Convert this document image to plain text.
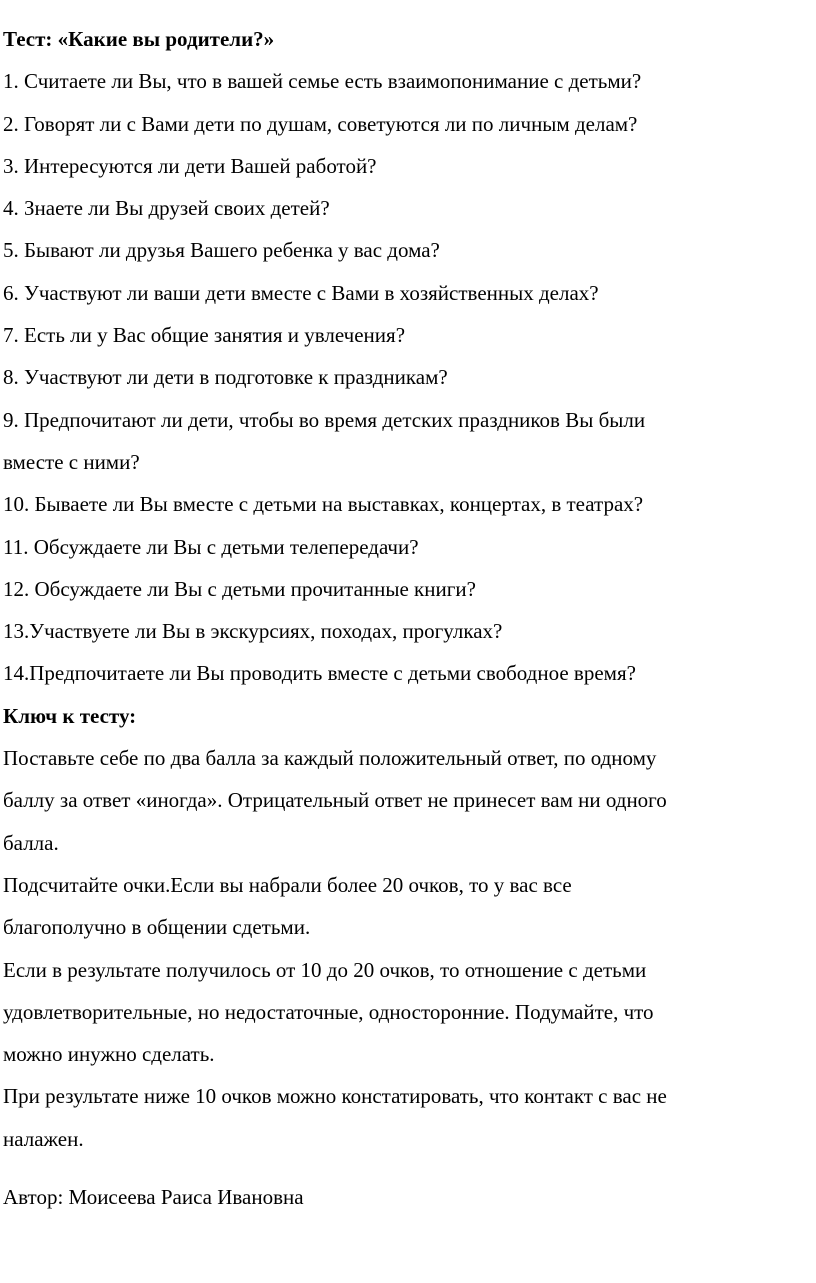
Тест: «Какие вы родители?»

1. Считаете ли Вы, что в вашей семье есть взаимопонимание с детьми?

2. Говорят ли с Вами дети по душам, советуются ли по личным делам?

3. Интересуются ли дети Вашей работой?

4. Знаете ли Вы друзей своих детей?

5. Бывают ли друзья Вашего ребенка у вас дома?

6. Участвуют ли ваши дети вместе с Вами в хозяйственных делах?

7. Есть ли у Вас общие занятия и увлечения?

8. Участвуют ли дети в подготовке к праздникам?

9. Предпочитают ли дети, чтобы во время детских праздников Вы были

вместе с ними?

10. Бываете ли Вы вместе с детьми на выставках, концертах, в театрах?

11. Обсуждаете ли Вы с детьми телепередачи?

12. Обсуждаете ли Вы с детьми прочитанные книги?

13.Участвуете ли Вы в экскурсиях, походах, прогулках?

14.Предпочитаете ли Вы проводить вместе с детьми свободное время?

Ключ к тесту:

Поставьте себе по два балла за каждый положительный ответ, по одному

баллу за ответ «иногда». Отрицательный ответ не принесет вам ни одного

балла.

Подсчитайте очки.Если вы набрали более 20 очков, то у вас все

благополучно в общении сдетьми.

Если в результате получилось от 10 до 20 очков, то отношение с детьми

удовлетворительные, но недостаточные, односторонние. Подумайте, что

можно инужно сделать.

При результате ниже 10 очков можно констатировать, что контакт с вас не

налажен.

Автор: Моисеева Раиса Ивановна
